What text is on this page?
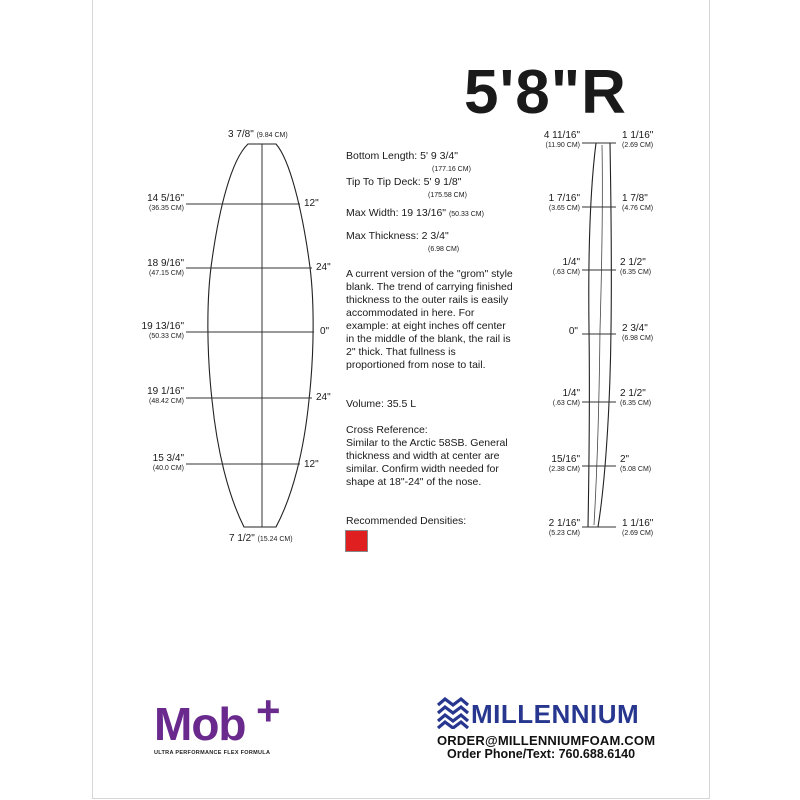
5'8"R
3 7/8" (9.84 CM)
7 1/2" (15.24 CM)
14 5/16"
(36.35 CM)
18 9/16"
(47.15 CM)
19 13/16"
(50.33 CM)
19 1/16"
(48.42 CM)
15 3/4"
(40.0 CM)
12"
24"
0"
24"
12"
Bottom Length: 5' 9 3/4"
(177.16 CM)
Tip To Tip Deck: 5' 9 1/8"
(175.58 CM)
Max Width: 19 13/16" (50.33 CM)
Max Thickness: 2 3/4"
(6.98 CM)
A current version of the "grom" style blank. The trend of carrying finished thickness to the outer rails is easily accommodated in here. For example: at eight inches off center in the middle of the blank, the rail is 2" thick. That fullness is proportioned from nose to tail.
Volume: 35.5 L
Cross Reference:
Similar to the Arctic 58SB. General thickness and width at center are similar. Confirm width needed for shape at 18"-24" of the nose.
Recommended Densities:
4 11/16"
(11.90 CM)
1 1/16"
(2.69 CM)
1 7/16"
(3.65 CM)
1 7/8"
(4.76 CM)
1/4"
(.63 CM)
2 1/2"
(6.35 CM)
0"	2 3/4"
(6.98 CM)
1/4"
(.63 CM)
2 1/2"
(6.35 CM)
15/16"
(2.38 CM)
2"
(5.08 CM)
2 1/16"
(5.23 CM)
1 1/16"
(2.69 CM)
Mob +
ULTRA PERFORMANCE FLEX FORMULA
MILLENNIUM
ORDER@MILLENNIUMFOAM.COM
Order Phone/Text: 760.688.6140
